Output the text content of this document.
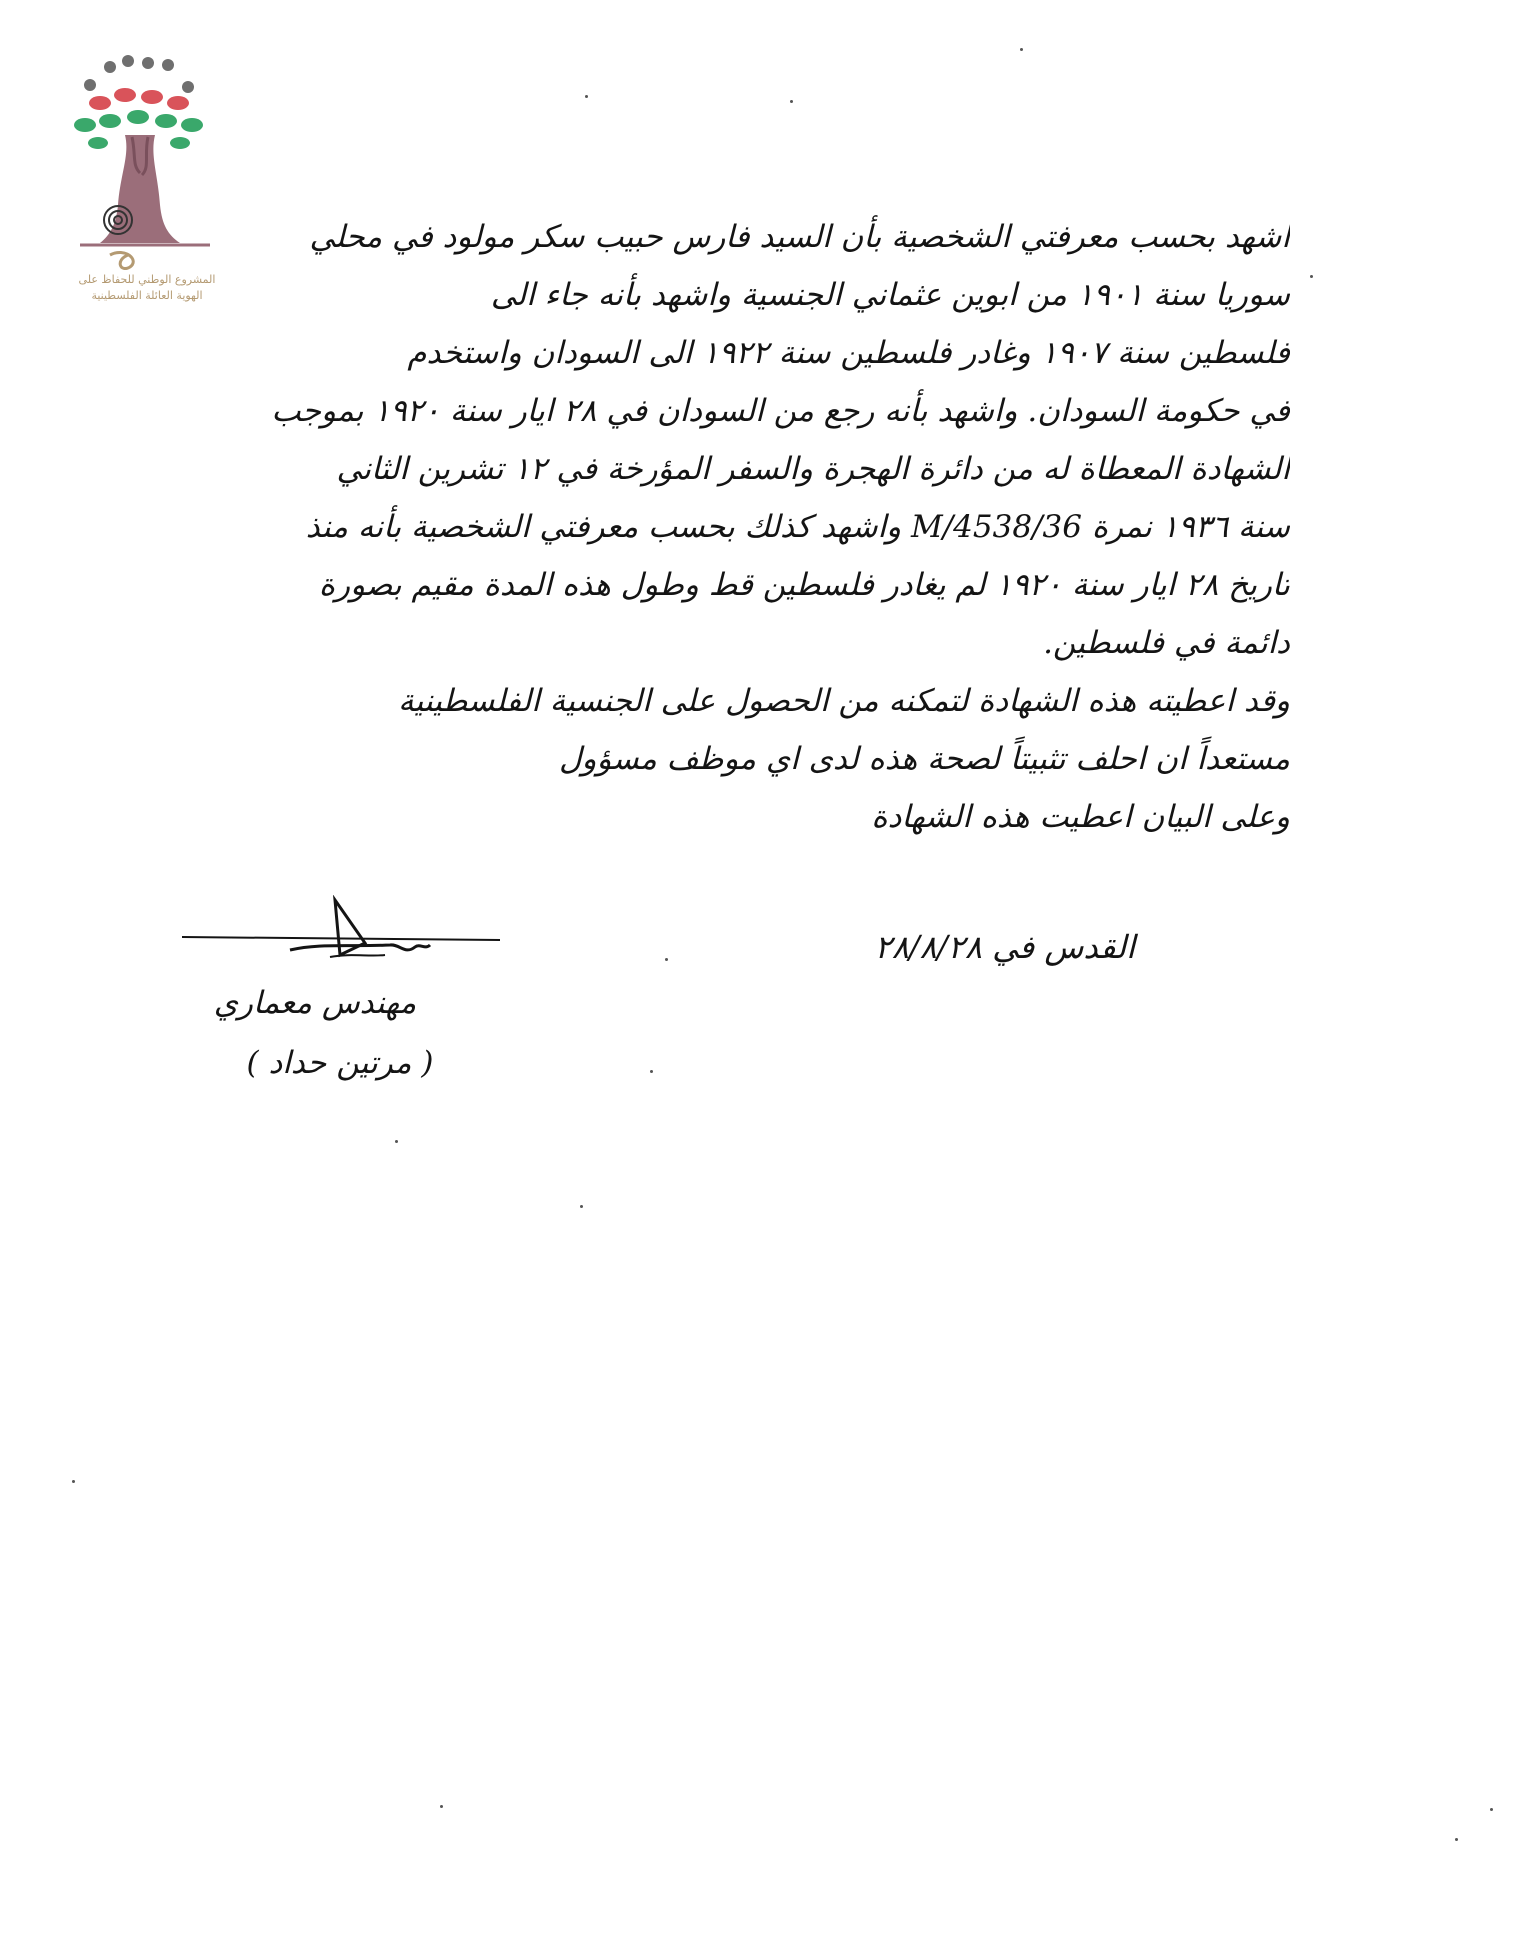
المشروع الوطني للحفاظ على
الهوية العائلة الفلسطينية
اشهد بحسب معرفتي الشخصية بأن السيد فارس حبيب سكر مولود في محلي
سوريا سنة ١٩٠١ من ابوين عثماني الجنسية واشهد بأنه جاء الى
فلسطين سنة ١٩٠٧ وغادر فلسطين سنة ١٩٢٢ الى السودان واستخدم
في حكومة السودان. واشهد بأنه رجع من السودان في ٢٨ ايار سنة ١٩٢٠ بموجب
الشهادة المعطاة له من دائرة الهجرة والسفر المؤرخة في ١٢ تشرين الثاني
سنة ١٩٣٦ نمرة M/4538/36 واشهد كذلك بحسب معرفتي الشخصية بأنه منذ
تاريخ ٢٨ ايار سنة ١٩٢٠ لم يغادر فلسطين قط وطول هذه المدة مقيم بصورة
دائمة في فلسطين.
وقد اعطيته هذه الشهادة لتمكنه من الحصول على الجنسية الفلسطينية
مستعداً ان احلف تثبيتاً لصحة هذه لدى اي موظف مسؤول
وعلى البيان اعطيت هذه الشهادة
القدس في ٢٨/٨/٢٨
مهندس معماري
( مرتين حداد )
